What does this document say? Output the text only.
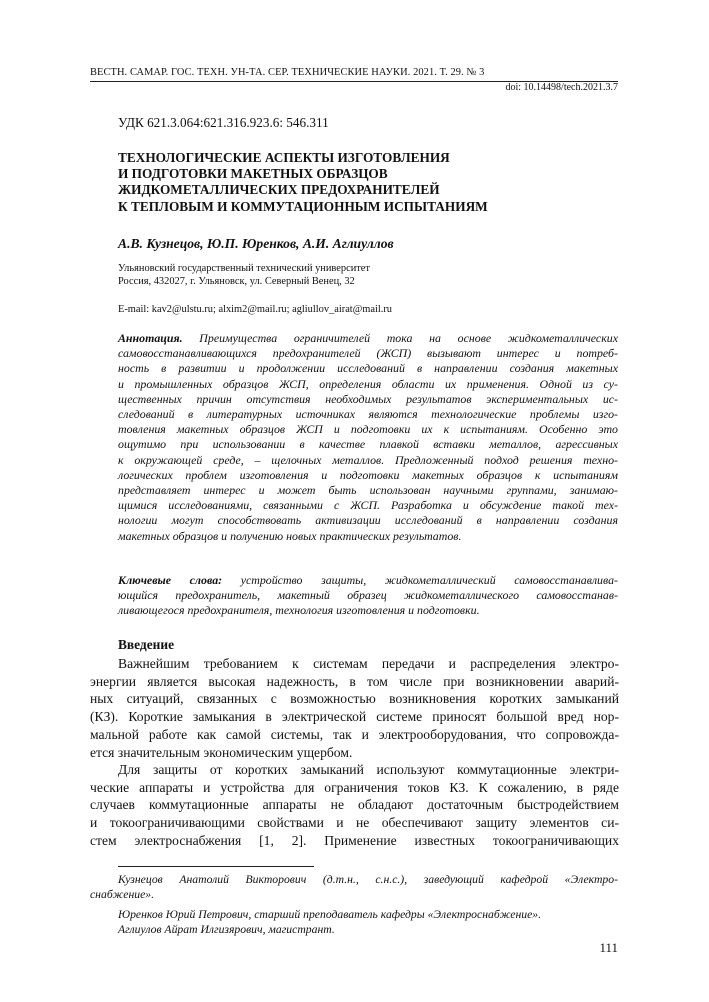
ВЕСТН. САМАР. ГОС. ТЕХН. УН-ТА. СЕР. ТЕХНИЧЕСКИЕ НАУКИ. 2021. Т. 29. № 3
doi: 10.14498/tech.2021.3.7
УДК 621.3.064:621.316.923.6: 546.311
ТЕХНОЛОГИЧЕСКИЕ АСПЕКТЫ ИЗГОТОВЛЕНИЯ
И ПОДГОТОВКИ МАКЕТНЫХ ОБРАЗЦОВ
ЖИДКОМЕТАЛЛИЧЕСКИХ ПРЕДОХРАНИТЕЛЕЙ
К ТЕПЛОВЫМ И КОММУТАЦИОННЫМ ИСПЫТАНИЯМ
А.В. Кузнецов, Ю.П. Юренков, А.И. Аглиуллов
Ульяновский государственный технический университет
Россия, 432027, г. Ульяновск, ул. Северный Венец, 32
E-mail: kav2@ulstu.ru; alxim2@mail.ru; agliullov_airat@mail.ru
Аннотация. Преимущества ограничителей тока на основе жидкометаллических
самовосстанавливающихся предохранителей (ЖСП) вызывают интерес и потреб-
ность в развитии и продолжении исследований в направлении создания макетных
и промышленных образцов ЖСП, определения области их применения. Одной из су-
щественных причин отсутствия необходимых результатов экспериментальных ис-
следований в литературных источниках являются технологические проблемы изго-
товления макетных образцов ЖСП и подготовки их к испытаниям. Особенно это
ощутимо при использовании в качестве плавкой вставки металлов, агрессивных
к окружающей среде, – щелочных металлов. Предложенный подход решения техно-
логических проблем изготовления и подготовки макетных образцов к испытаниям
представляет интерес и может быть использован научными группами, занимаю-
щимися исследованиями, связанными с ЖСП. Разработка и обсуждение такой тех-
нологии могут способствовать активизации исследований в направлении создания
макетных образцов и получению новых практических результатов.
Ключевые слова: устройство защиты, жидкометаллический самовосстанавлива-
ющийся предохранитель, макетный образец жидкометаллического самовосстанав-
ливающегося предохранителя, технология изготовления и подготовки.
Введение
Важнейшим требованием к системам передачи и распределения электро-
энергии является высокая надежность, в том числе при возникновении аварий-
ных ситуаций, связанных с возможностью возникновения коротких замыканий
(КЗ). Короткие замыкания в электрической системе приносят большой вред нор-
мальной работе как самой системы, так и электрооборудования, что сопровожда-
ется значительным экономическим ущербом.
Для защиты от коротких замыканий используют коммутационные электри-
ческие аппараты и устройства для ограничения токов КЗ. К сожалению, в ряде
случаев коммутационные аппараты не обладают достаточным быстродействием
и токоограничивающими свойствами и не обеспечивают защиту элементов си-
стем электроснабжения [1, 2]. Применение известных токоограничивающих
Кузнецов Анатолий Викторович (д.т.н., с.н.с.), заведующий кафедрой «Электро-
снабжение».
Юренков Юрий Петрович, старший преподаватель кафедры «Электроснабжение».
Аглиулов Айрат Илгизярович, магистрант.
111
